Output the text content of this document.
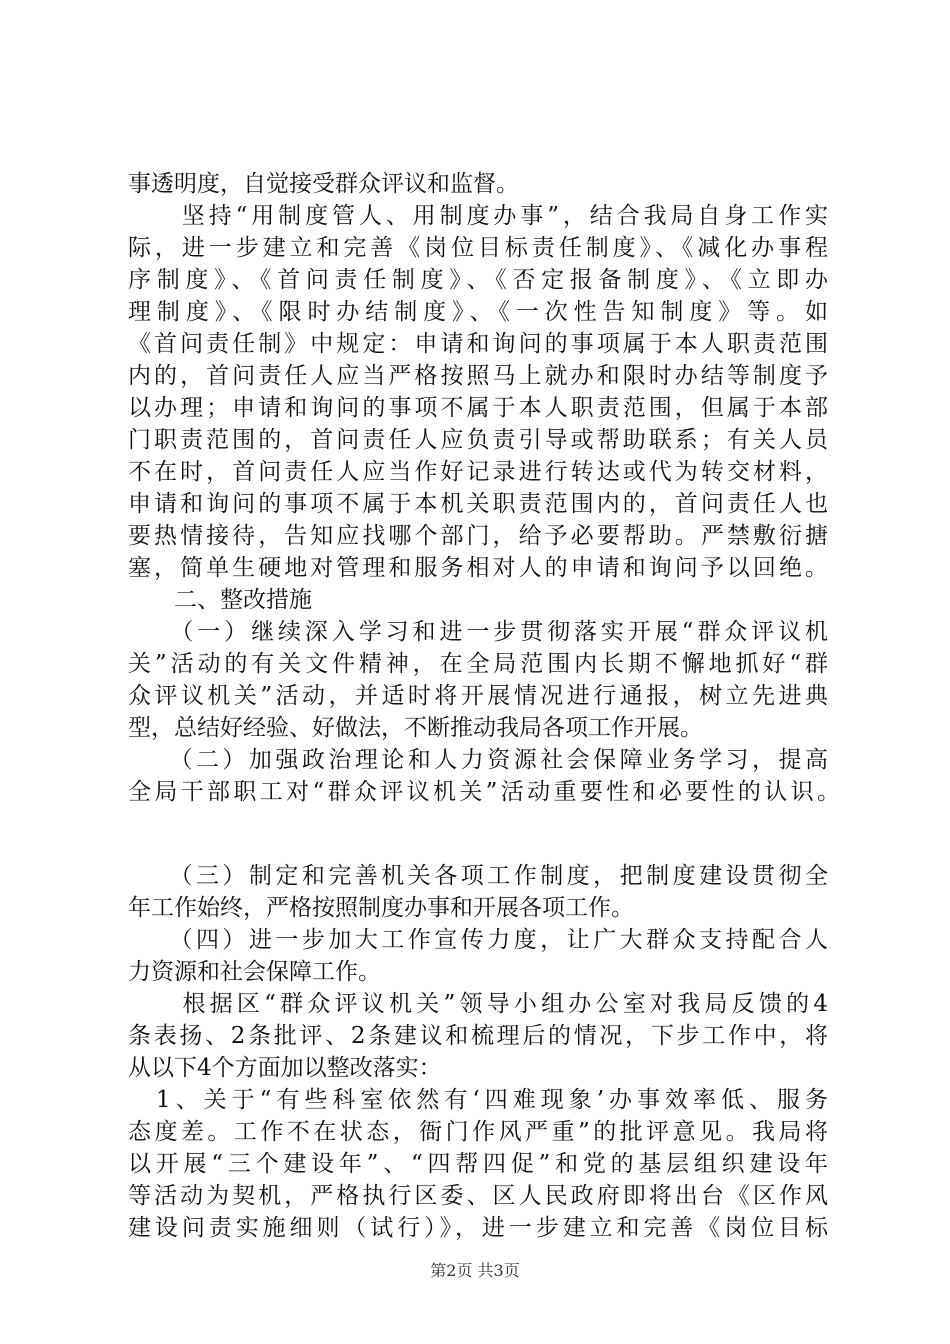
事透明度，自觉接受群众评议和监督。
　　坚持“用制度管人、用制度办事”，结合我局自身工作实
际，进一步建立和完善《岗位目标责任制度》、《减化办事程
序制度》、《首问责任制度》、《否定报备制度》、《立即办
理制度》、《限时办结制度》、《一次性告知制度》等。如
《首问责任制》中规定：申请和询问的事项属于本人职责范围
内的，首问责任人应当严格按照马上就办和限时办结等制度予
以办理；申请和询问的事项不属于本人职责范围，但属于本部
门职责范围的，首问责任人应负责引导或帮助联系；有关人员
不在时，首问责任人应当作好记录进行转达或代为转交材料，
申请和询问的事项不属于本机关职责范围内的，首问责任人也
要热情接待，告知应找哪个部门，给予必要帮助。严禁敷衍搪
塞，简单生硬地对管理和服务相对人的申请和询问予以回绝。
　　二、整改措施
　　（一）继续深入学习和进一步贯彻落实开展“群众评议机
关”活动的有关文件精神，在全局范围内长期不懈地抓好“群
众评议机关”活动，并适时将开展情况进行通报，树立先进典
型，总结好经验、好做法，不断推动我局各项工作开展。
　　（二）加强政治理论和人力资源社会保障业务学习，提高
全局干部职工对“群众评议机关”活动重要性和必要性的认识。
　　（三）制定和完善机关各项工作制度，把制度建设贯彻全
年工作始终，严格按照制度办事和开展各项工作。
　　（四）进一步加大工作宣传力度，让广大群众支持配合人
力资源和社会保障工作。
　　根据区“群众评议机关”领导小组办公室对我局反馈的4
条表扬、2条批评、2条建议和梳理后的情况，下步工作中，将
从以下4个方面加以整改落实：
　1、关于“有些科室依然有‘四难现象’办事效率低、服务
态度差。工作不在状态，衙门作风严重”的批评意见。我局将
以开展“三个建设年”、“四帮四促”和党的基层组织建设年
等活动为契机，严格执行区委、区人民政府即将出台《区作风
建设问责实施细则（试行）》，进一步建立和完善《岗位目标
第2页 共3页
